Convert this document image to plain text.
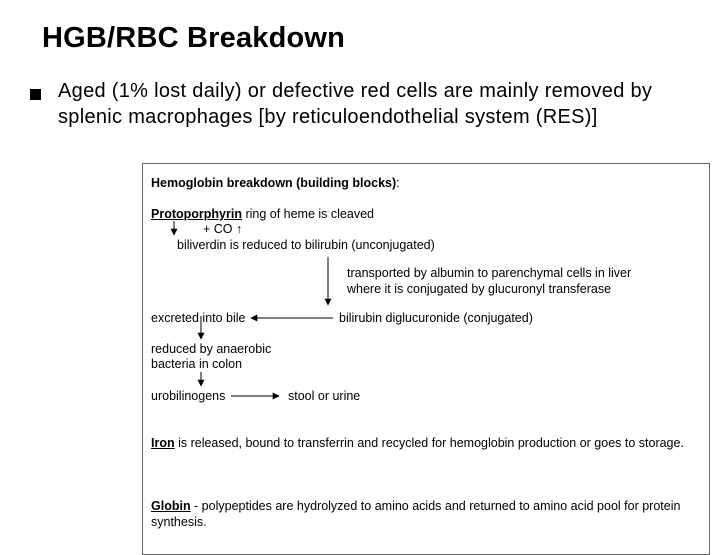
HGB/RBC Breakdown
Aged (1% lost daily) or defective red cells are mainly removed by splenic macrophages [by reticuloendothelial system (RES)]
Hemoglobin breakdown (building blocks):
Protoporphyrin ring of heme is cleaved
+ CO ↑
biliverdin is reduced to bilirubin (unconjugated)
transported by albumin to parenchymal cells in liver
where it is conjugated by glucuronyl transferase
excreted into bile	bilirubin diglucuronide (conjugated)
reduced by anaerobic
bacteria in colon
urobilinogens	stool or urine
Iron is released, bound to transferrin and recycled for hemoglobin production or goes to storage.
Globin - polypeptides are hydrolyzed to amino acids and returned to amino acid pool for protein synthesis.
